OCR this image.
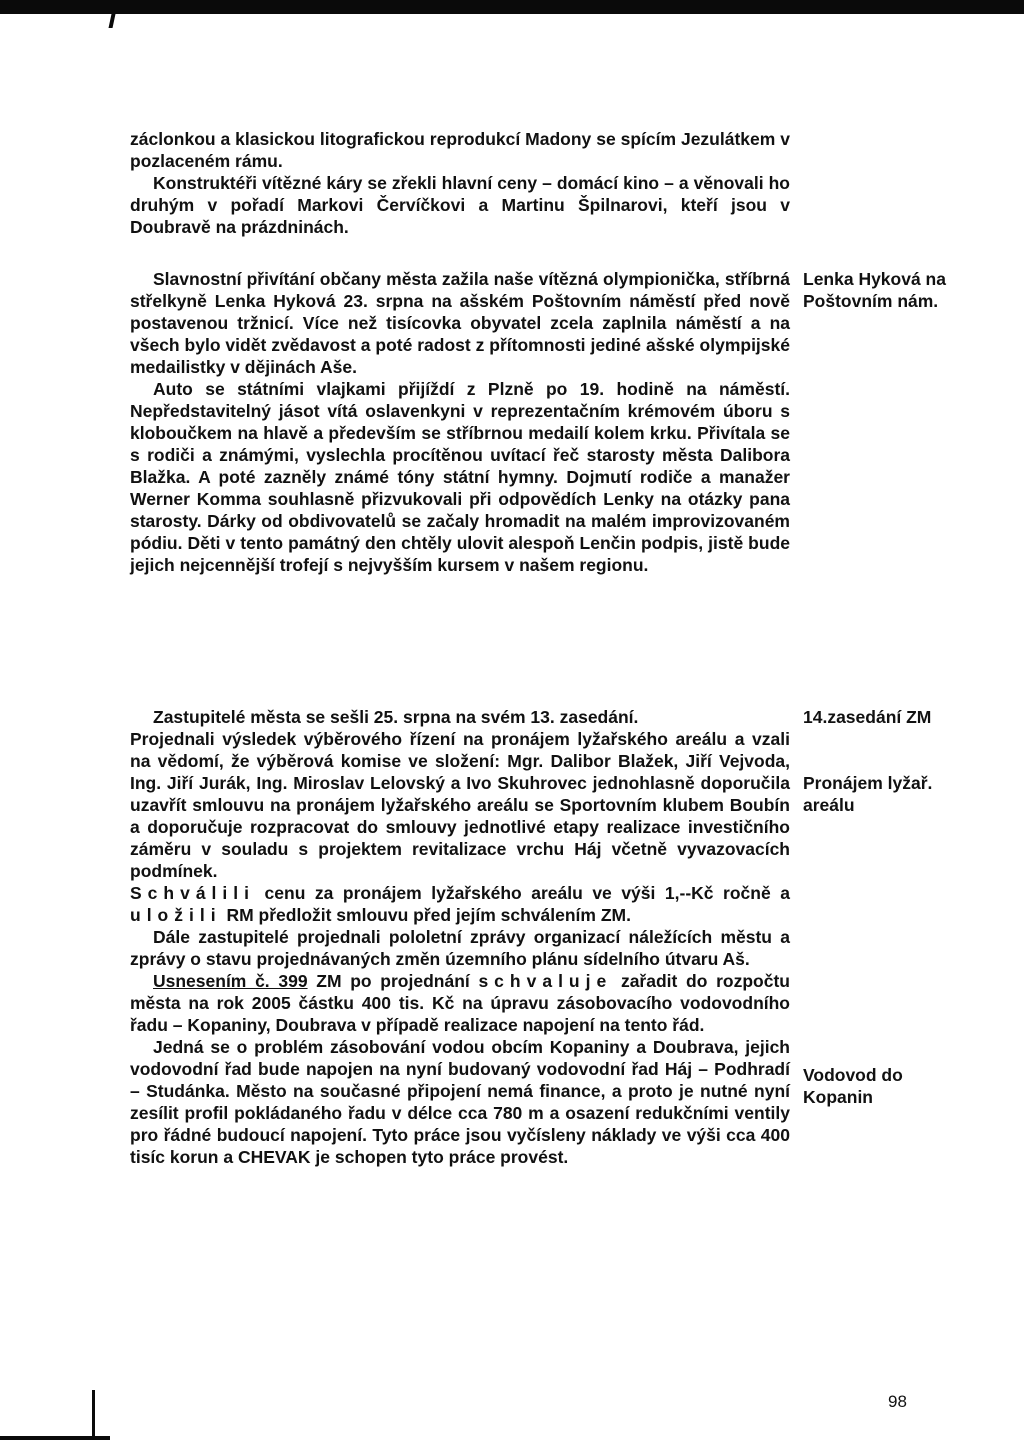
záclonkou a klasickou litografickou reprodukcí Madony se spícím Jezulátkem v pozlaceném rámu.

Konstruktéři vítězné káry se zřekli hlavní ceny – domácí kino – a věnovali ho druhým v pořadí Markovi Červíčkovi a Martinu Špilnarovi, kteří jsou v Doubravě na prázdninách.

Slavnostní přivítání občany města zažila naše vítězná olympionička, stříbrná střelkyně Lenka Hyková 23. srpna na ašském Poštovním náměstí před nově postavenou tržnicí. Více než tisícovka obyvatel zcela zaplnila náměstí a na všech bylo vidět zvědavost a poté radost z přítomnosti jediné ašské olympijské medailistky v dějinách Aše.

Auto se státními vlajkami přijíždí z Plzně po 19. hodině na náměstí. Nepředstavitelný jásot vítá oslavenkyni v reprezentačním krémovém úboru s kloboučkem na hlavě a především se stříbrnou medailí kolem krku. Přivítala se s rodiči a známými, vyslechla procítěnou uvítací řeč starosty města Dalibora Blažka. A poté zazněly známé tóny státní hymny. Dojmutí rodiče a manažer Werner Komma souhlasně přizvukovali při odpovědích Lenky na otázky pana starosty. Dárky od obdivovatelů se začaly hromadit na malém improvizovaném pódiu. Děti v tento památný den chtěly ulovit alespoň Lenčin podpis, jistě bude jejich nejcennější trofejí s nejvyšším kursem v našem regionu.

Zastupitelé města se sešli 25. srpna na svém 13. zasedání.

Projednali výsledek výběrového řízení na pronájem lyžařského areálu a vzali na vědomí, že výběrová komise ve složení: Mgr. Dalibor Blažek, Jiří Vejvoda, Ing. Jiří Jurák, Ing. Miroslav Lelovský a Ivo Skuhrovec jednohlasně doporučila uzavřít smlouvu na pronájem lyžařského areálu se Sportovním klubem Boubín a doporučuje rozpracovat do smlouvy jednotlivé etapy realizace investičního záměru v souladu s projektem revitalizace vrchu Háj včetně vyvazovacích podmínek.

Schválili cenu za pronájem lyžařského areálu ve výši 1,--Kč ročně a uložili RM předložit smlouvu před jejím schválením ZM.

Dále zastupitelé projednali pololetní zprávy organizací náležících městu a zprávy o stavu projednávaných změn územního plánu sídelního útvaru Aš.

Usnesením č. 399 ZM po projednání schvaluje zařadit do rozpočtu města na rok 2005 částku 400 tis. Kč na úpravu zásobovacího vodovodního řadu – Kopaniny, Doubrava v případě realizace napojení na tento řád.

Jedná se o problém zásobování vodou obcím Kopaniny a Doubrava, jejich vodovodní řad bude napojen na nyní budovaný vodovodní řad Háj – Podhradí – Studánka. Město na současné připojení nemá finance, a proto je nutné nyní zesílit profil pokládaného řadu v délce cca 780 m a osazení redukčními ventily pro řádné budoucí napojení. Tyto práce jsou vyčísleny náklady ve výši cca 400 tisíc korun a CHEVAK je schopen tyto práce provést.

Lenka Hyková na
Poštovním nám.
14.zasedání ZM
Pronájem lyžař.
areálu
Vodovod do
Kopanin
98
